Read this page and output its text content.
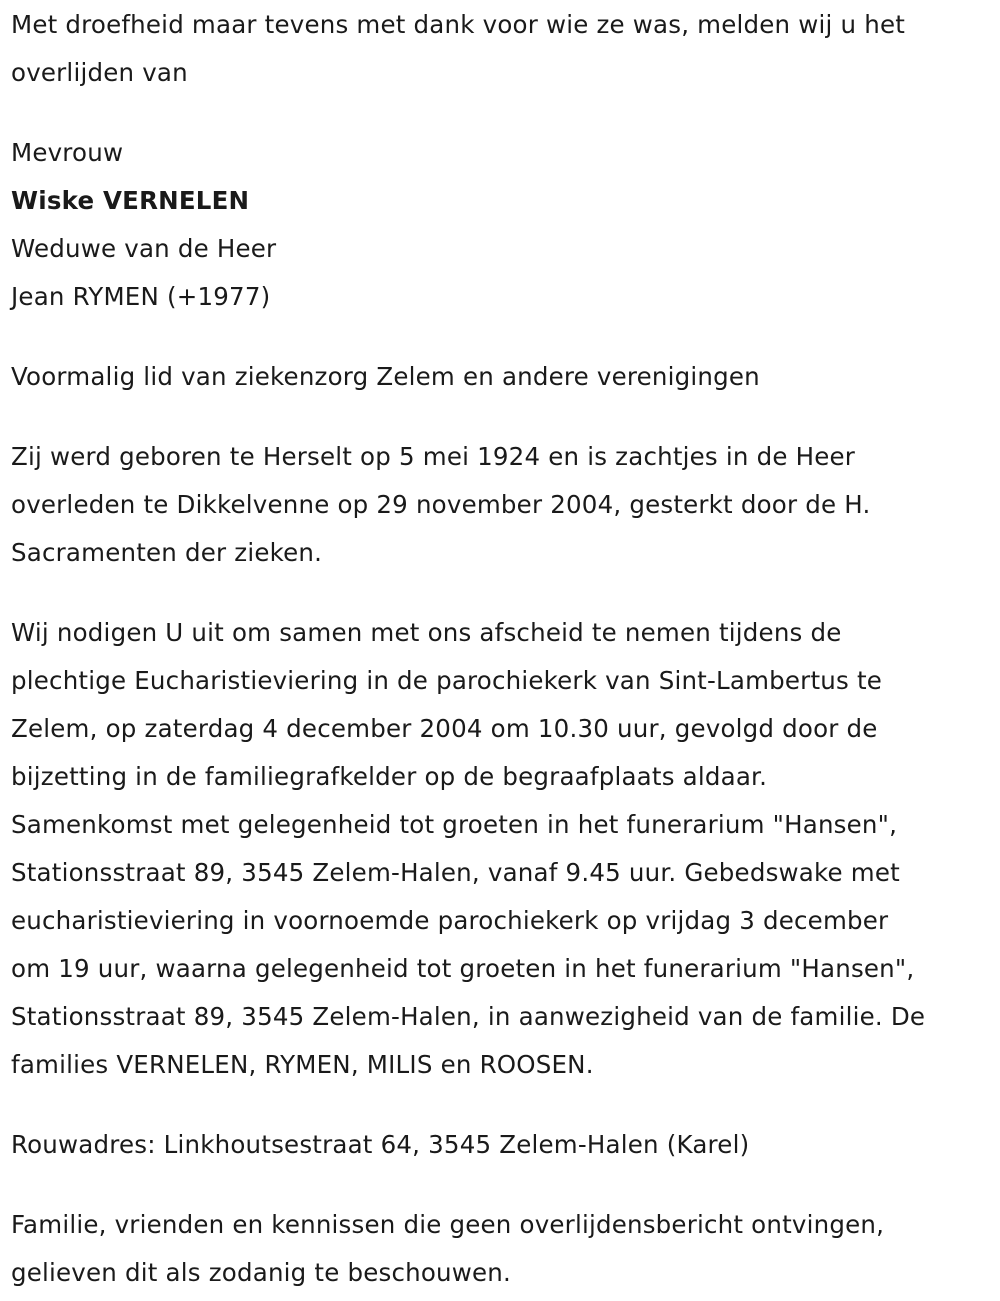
Met droefheid maar tevens met dank voor wie ze was, melden wij u het
overlijden van
Mevrouw
Wiske VERNELEN
Weduwe van de Heer
Jean RYMEN (+1977)
Voormalig lid van ziekenzorg Zelem en andere verenigingen
Zij werd geboren te Herselt op 5 mei 1924 en is zachtjes in de Heer
overleden te Dikkelvenne op 29 november 2004, gesterkt door de H.
Sacramenten der zieken.
Wij nodigen U uit om samen met ons afscheid te nemen tijdens de
plechtige Eucharistieviering in de parochiekerk van Sint-Lambertus te
Zelem, op zaterdag 4 december 2004 om 10.30 uur, gevolgd door de
bijzetting in de familiegrafkelder op de begraafplaats aldaar.
Samenkomst met gelegenheid tot groeten in het funerarium "Hansen",
Stationsstraat 89, 3545 Zelem-Halen, vanaf 9.45 uur. Gebedswake met
eucharistieviering in voornoemde parochiekerk op vrijdag 3 december
om 19 uur, waarna gelegenheid tot groeten in het funerarium "Hansen",
Stationsstraat 89, 3545 Zelem-Halen, in aanwezigheid van de familie. De
families VERNELEN, RYMEN, MILIS en ROOSEN.
Rouwadres: Linkhoutsestraat 64, 3545 Zelem-Halen (Karel)
Familie, vrienden en kennissen die geen overlijdensbericht ontvingen,
gelieven dit als zodanig te beschouwen.
